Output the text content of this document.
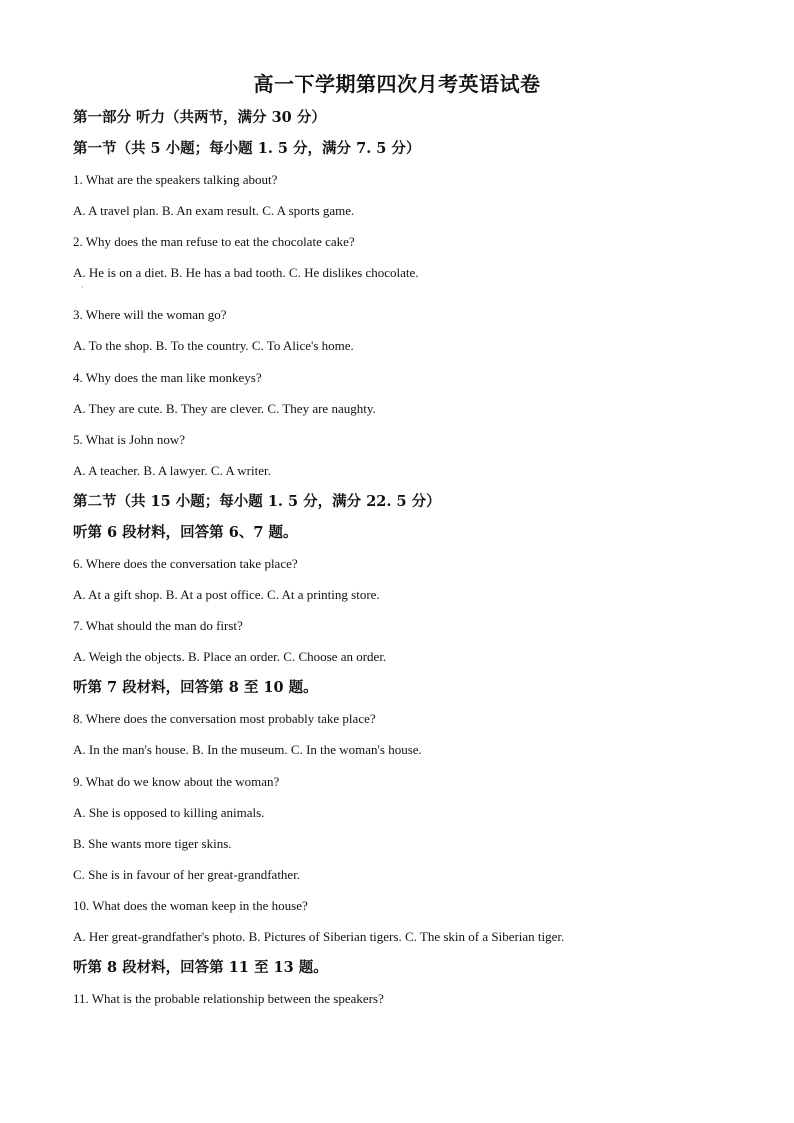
高一下学期第四次月考英语试卷
第一部分 听力（共两节，满分 30 分）
第一节（共 5 小题；每小题 1. 5 分，满分 7. 5 分）
1. What are the speakers talking about?
A. A travel plan. B. An exam result. C. A sports game.
2. Why does the man refuse to eat the chocolate cake?
A. He is on a diet. B. He has a bad tooth. C. He dislikes chocolate.
3. Where will the woman go?
A. To the shop. B. To the country. C. To Alice's home.
4. Why does the man like monkeys?
A. They are cute. B. They are clever. C. They are naughty.
5. What is John now?
A. A teacher. B. A lawyer. C. A writer.
第二节（共 15 小题；每小题 1. 5 分，满分 22. 5 分）
听第 6 段材料，回答第 6、7 题。
6. Where does the conversation take place?
A. At a gift shop. B. At a post office. C. At a printing store.
7. What should the man do first?
A. Weigh the objects. B. Place an order. C. Choose an order.
听第 7 段材料，回答第 8 至 10 题。
8. Where does the conversation most probably take place?
A. In the man's house. B. In the museum. C. In the woman's house.
9. What do we know about the woman?
A. She is opposed to killing animals.
B. She wants more tiger skins.
C. She is in favour of her great-grandfather.
10. What does the woman keep in the house?
A. Her great-grandfather's photo. B. Pictures of Siberian tigers. C. The skin of a Siberian tiger.
听第 8 段材料，回答第 11 至 13 题。
11. What is the probable relationship between the speakers?
·
